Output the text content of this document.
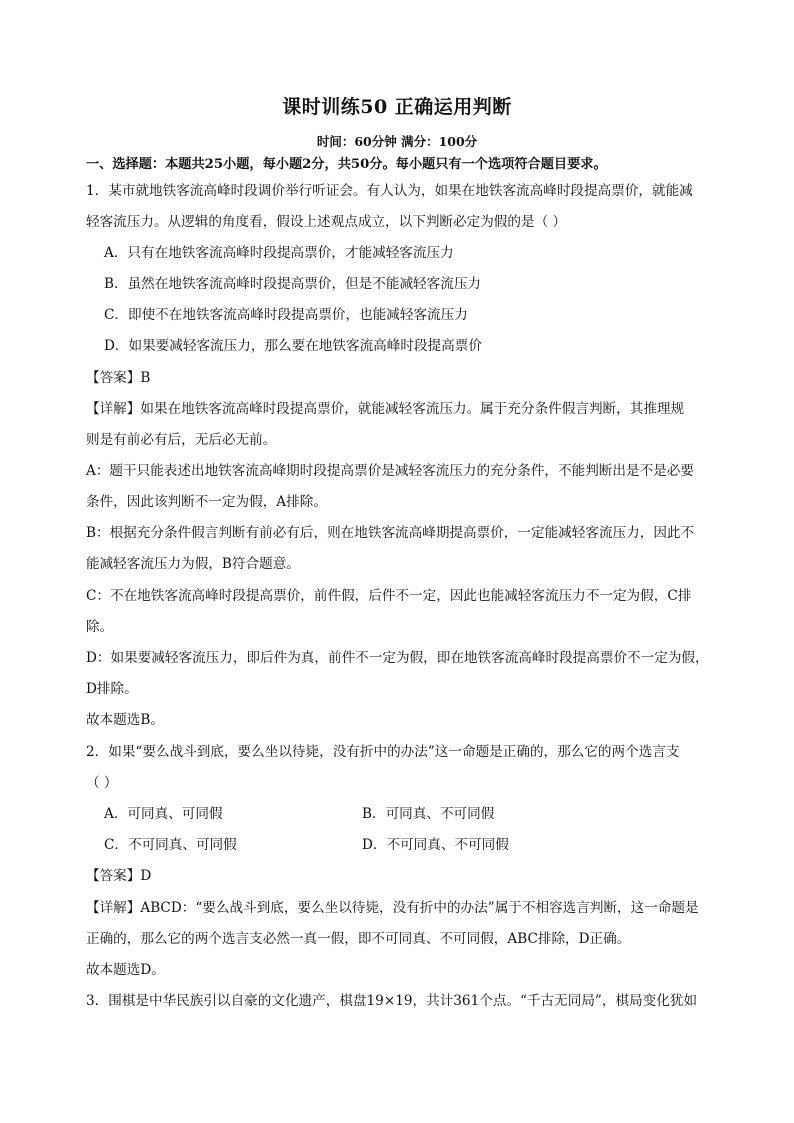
课时训练50 正确运用判断
时间：60分钟 满分：100分
一、选择题：本题共25小题，每小题2分，共50分。每小题只有一个选项符合题目要求。
1．某市就地铁客流高峰时段调价举行听证会。有人认为，如果在地铁客流高峰时段提高票价，就能减
轻客流压力。从逻辑的角度看，假设上述观点成立，以下判断必定为假的是（ ）
A．只有在地铁客流高峰时段提高票价，才能减轻客流压力
B．虽然在地铁客流高峰时段提高票价，但是不能减轻客流压力
C．即使不在地铁客流高峰时段提高票价，也能减轻客流压力
D．如果要减轻客流压力，那么要在地铁客流高峰时段提高票价
【答案】B
【详解】如果在地铁客流高峰时段提高票价，就能减轻客流压力。属于充分条件假言判断，其推理规
则是有前必有后，无后必无前。
A：题干只能表述出地铁客流高峰期时段提高票价是减轻客流压力的充分条件，不能判断出是不是必要
条件，因此该判断不一定为假，A排除。
B：根据充分条件假言判断有前必有后，则在地铁客流高峰期提高票价，一定能减轻客流压力，因此不
能减轻客流压力为假，B符合题意。
C：不在地铁客流高峰时段提高票价，前件假，后件不一定，因此也能减轻客流压力不一定为假，C排
除。
D：如果要减轻客流压力，即后件为真，前件不一定为假，即在地铁客流高峰时段提高票价不一定为假，
D排除。
故本题选B。
2．如果“要么战斗到底，要么坐以待毙，没有折中的办法”这一命题是正确的，那么它的两个选言支
（ ）
A．可同真、可同假	B．可同真、不可同假
C．不可同真、可同假	D．不可同真、不可同假
【答案】D
【详解】ABCD：“要么战斗到底，要么坐以待毙，没有折中的办法”属于不相容选言判断，这一命题是
正确的，那么它的两个选言支必然一真一假，即不可同真、不可同假，ABC排除，D正确。
故本题选D。
3．围棋是中华民族引以自豪的文化遗产，棋盘19×19，共计361个点。“千古无同局”，棋局变化犹如
